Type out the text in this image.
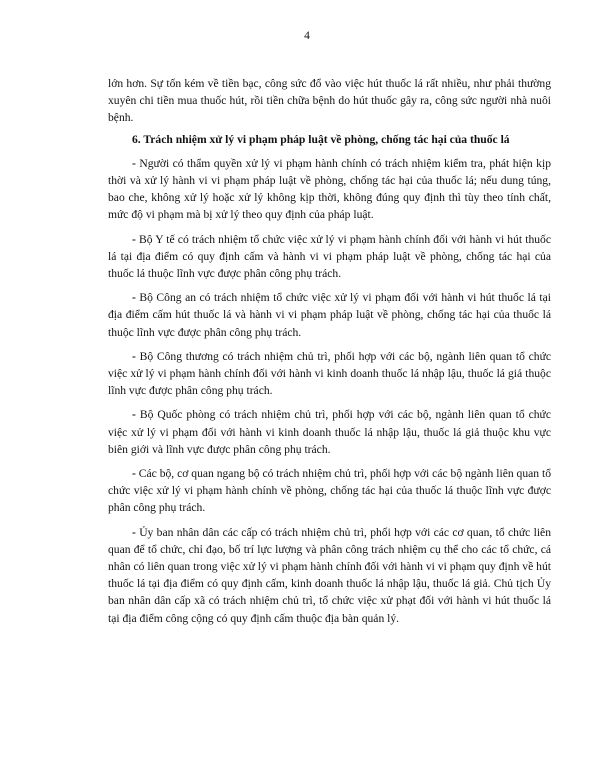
4

lớn hơn. Sự tốn kém về tiền bạc, công sức đổ vào việc hút thuốc lá rất nhiều, như phải thường xuyên chi tiền mua thuốc hút, rồi tiền chữa bệnh do hút thuốc gây ra, công sức người nhà nuôi bệnh.

6. Trách nhiệm xử lý vi phạm pháp luật về phòng, chống tác hại của thuốc lá

- Người có thẩm quyền xử lý vi phạm hành chính có trách nhiệm kiểm tra, phát hiện kịp thời và xử lý hành vi vi phạm pháp luật về phòng, chống tác hại của thuốc lá; nếu dung túng, bao che, không xử lý hoặc xử lý không kịp thời, không đúng quy định thì tùy theo tính chất, mức độ vi phạm mà bị xử lý theo quy định của pháp luật.

- Bộ Y tế có trách nhiệm tổ chức việc xử lý vi phạm hành chính đối với hành vi hút thuốc lá tại địa điểm có quy định cấm và hành vi vi phạm pháp luật về phòng, chống tác hại của thuốc lá thuộc lĩnh vực được phân công phụ trách.

- Bộ Công an có trách nhiệm tổ chức việc xử lý vi phạm đối với hành vi hút thuốc lá tại địa điểm cấm hút thuốc lá và hành vi vi phạm pháp luật về phòng, chống tác hại của thuốc lá thuộc lĩnh vực được phân công phụ trách.

- Bộ Công thương có trách nhiệm chủ trì, phối hợp với các bộ, ngành liên quan tổ chức việc xử lý vi phạm hành chính đối với hành vi kinh doanh thuốc lá nhập lậu, thuốc lá giả thuộc lĩnh vực được phân công phụ trách.

- Bộ Quốc phòng có trách nhiệm chủ trì, phối hợp với các bộ, ngành liên quan tổ chức việc xử lý vi phạm đối với hành vi kinh doanh thuốc lá nhập lậu, thuốc lá giả thuộc khu vực biên giới và lĩnh vực được phân công phụ trách.

- Các bộ, cơ quan ngang bộ có trách nhiệm chủ trì, phối hợp với các bộ ngành liên quan tổ chức việc xử lý vi phạm hành chính về phòng, chống tác hại của thuốc lá thuộc lĩnh vực được phân công phụ trách.

- Ủy ban nhân dân các cấp có trách nhiệm chủ trì, phối hợp với các cơ quan, tổ chức liên quan để tổ chức, chỉ đạo, bố trí lực lượng và phân công trách nhiệm cụ thể cho các tổ chức, cá nhân có liên quan trong việc xử lý vi phạm hành chính đối với hành vi vi phạm quy định về hút thuốc lá tại địa điểm có quy định cấm, kinh doanh thuốc lá nhập lậu, thuốc lá giả. Chủ tịch Ủy ban nhân dân cấp xã có trách nhiệm chủ trì, tổ chức việc xử phạt đối với hành vi hút thuốc lá tại địa điểm công cộng có quy định cấm thuộc địa bàn quản lý.
